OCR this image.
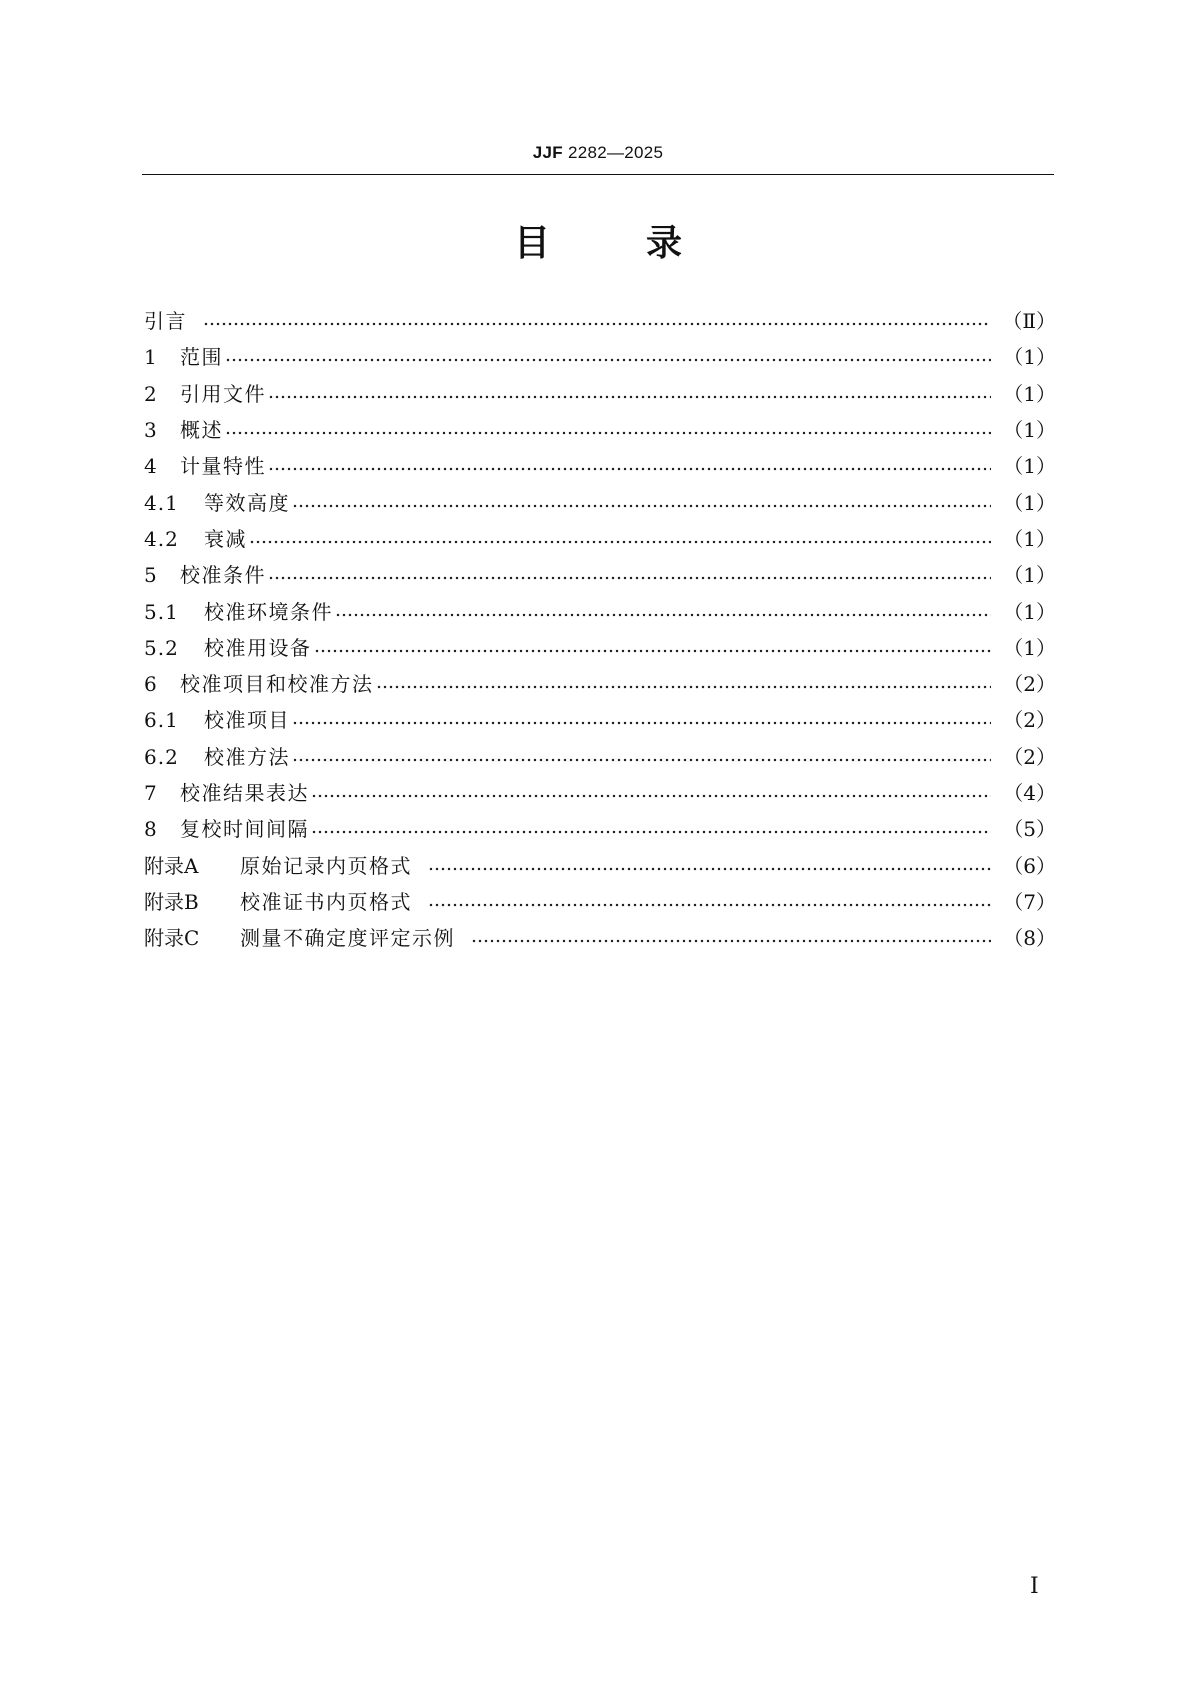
JJF 2282—2025
目	录
引言	（Ⅱ）
1	范围	（1）
2	引用文件	（1）
3	概述	（1）
4	计量特性	（1）
4.1	等效高度	（1）
4.2	衰减	（1）
5	校准条件	（1）
5.1	校准环境条件	（1）
5.2	校准用设备	（1）
6	校准项目和校准方法	（2）
6.1	校准项目	（2）
6.2	校准方法	（2）
7	校准结果表达	（4）
8	复校时间间隔	（5）
附录A	原始记录内页格式	（6）
附录B	校准证书内页格式	（7）
附录C	测量不确定度评定示例	（8）
Ⅰ
